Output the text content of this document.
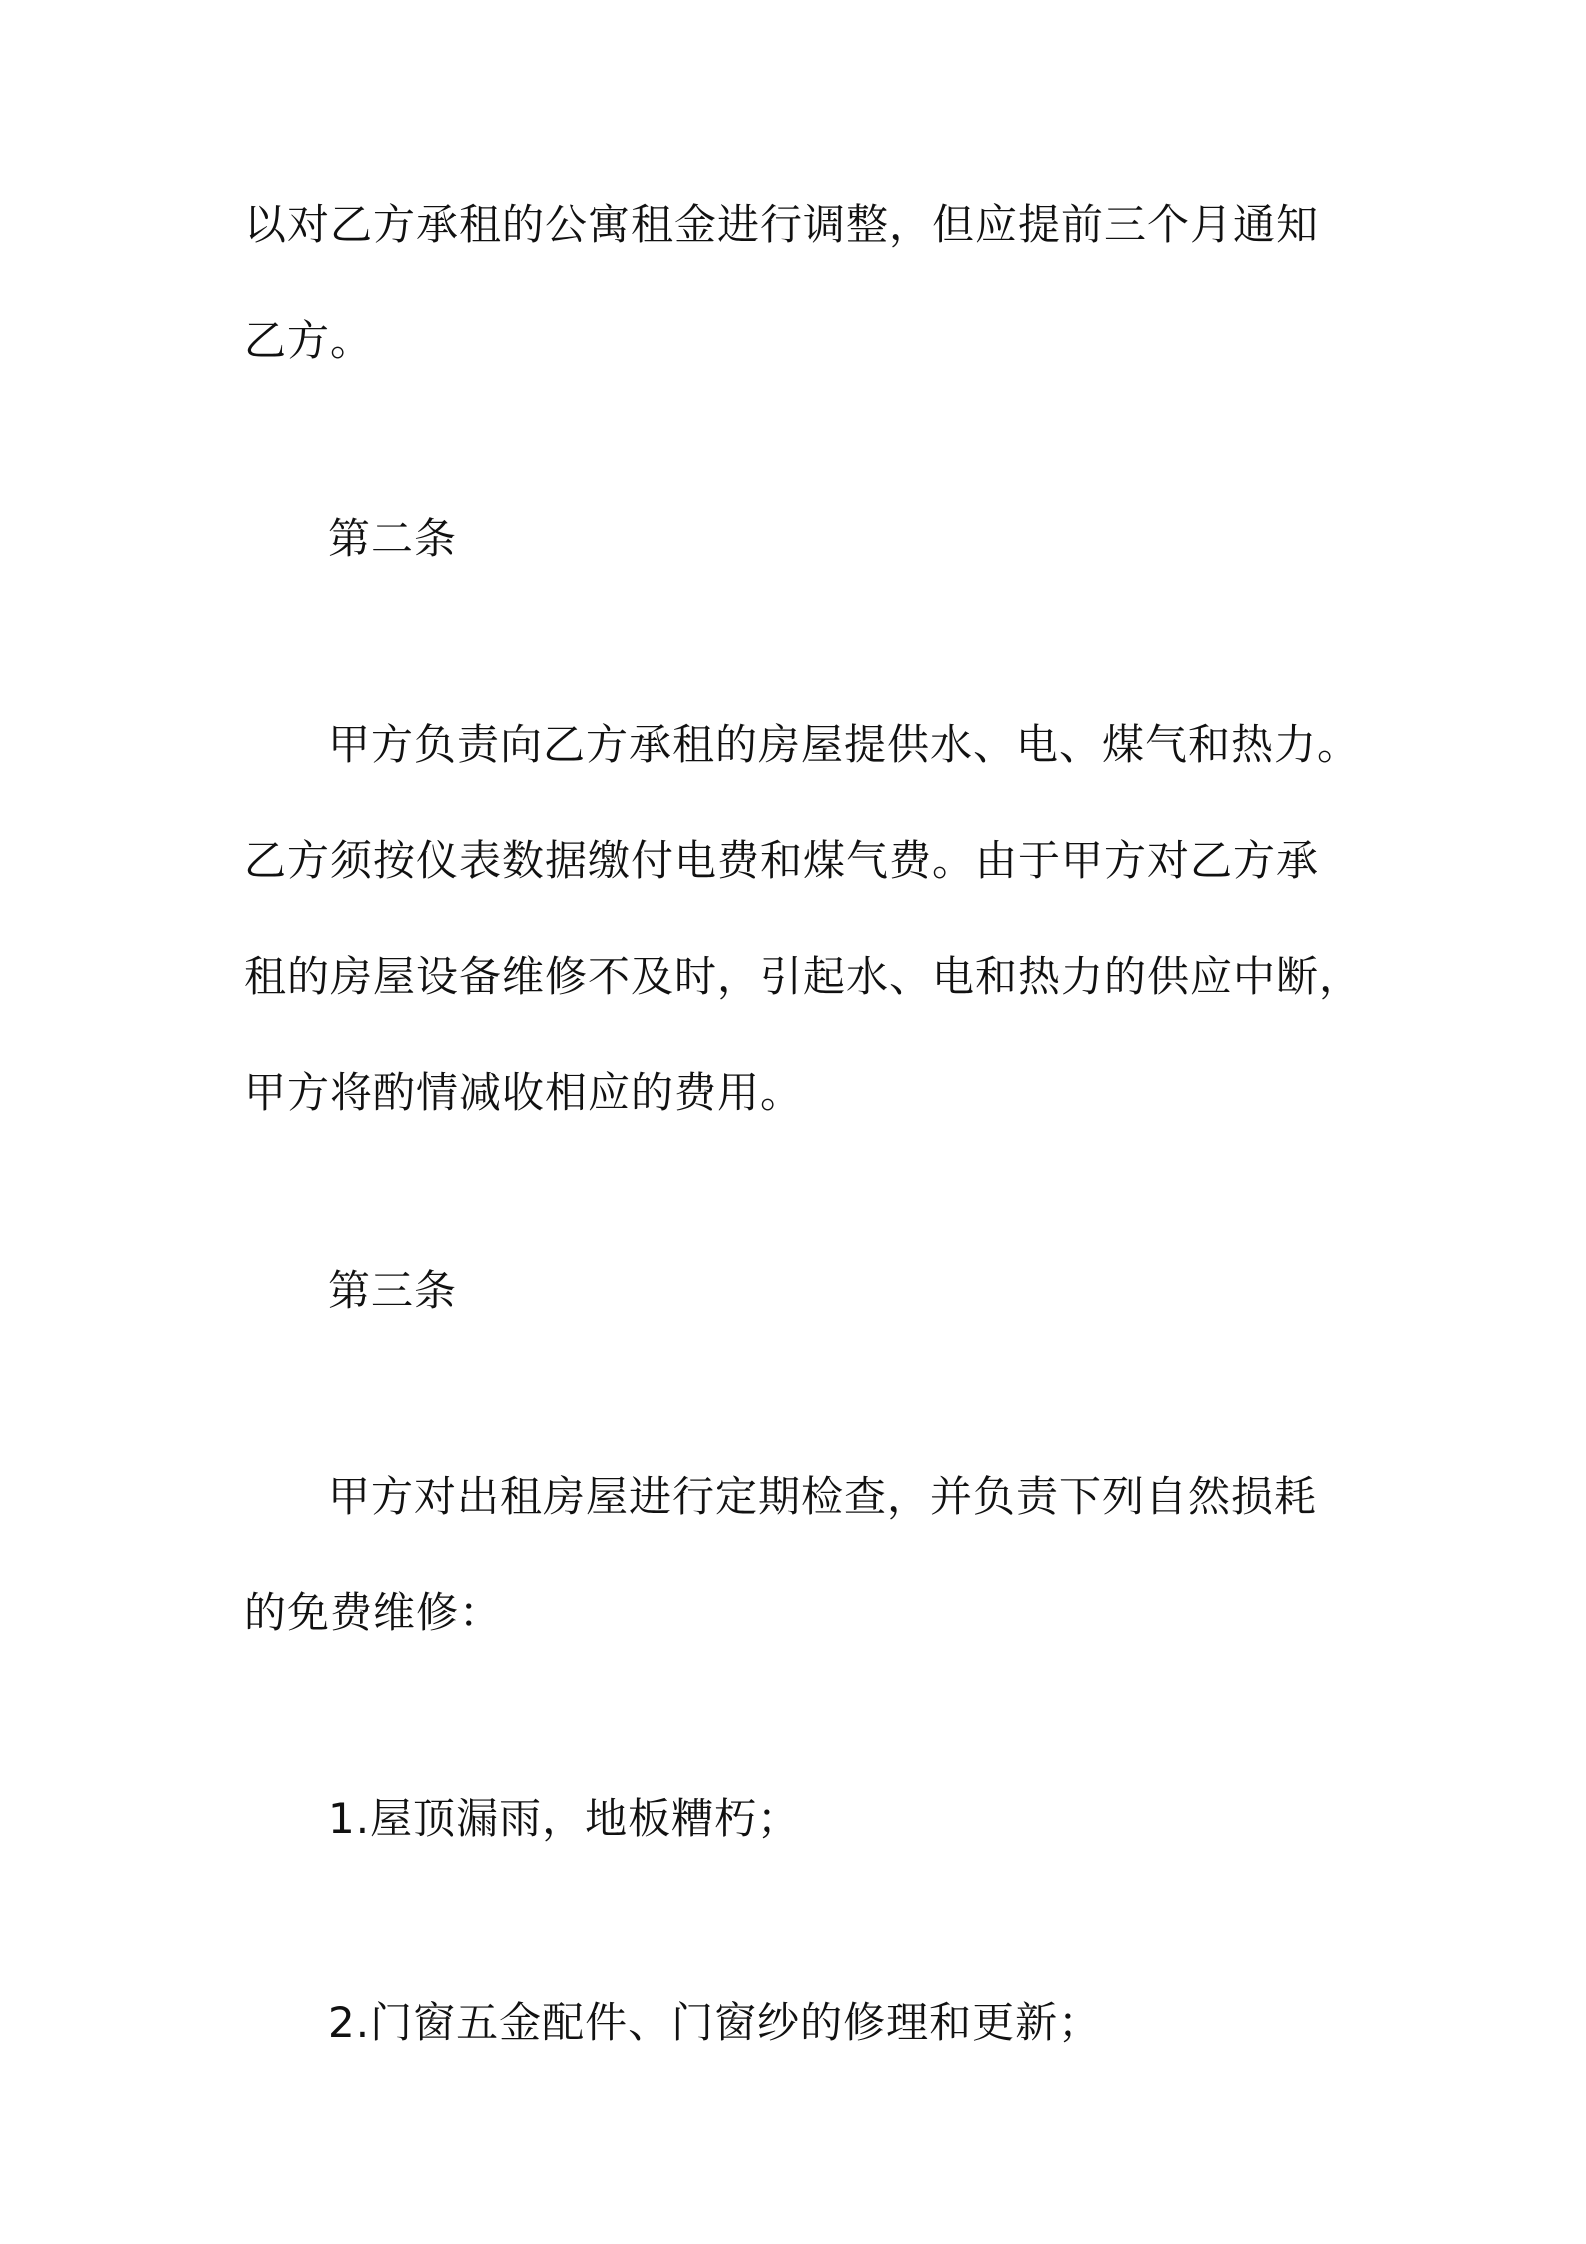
以对乙方承租的公寓租金进行调整，但应提前三个月通知
乙方。
第二条
甲方负责向乙方承租的房屋提供水、电、煤气和热力。
乙方须按仪表数据缴付电费和煤气费。由于甲方对乙方承
租的房屋设备维修不及时，引起水、电和热力的供应中断，
甲方将酌情减收相应的费用。
第三条
甲方对出租房屋进行定期检查，并负责下列自然损耗
的免费维修：
1.屋顶漏雨，地板糟朽；
2.门窗五金配件、门窗纱的修理和更新；
